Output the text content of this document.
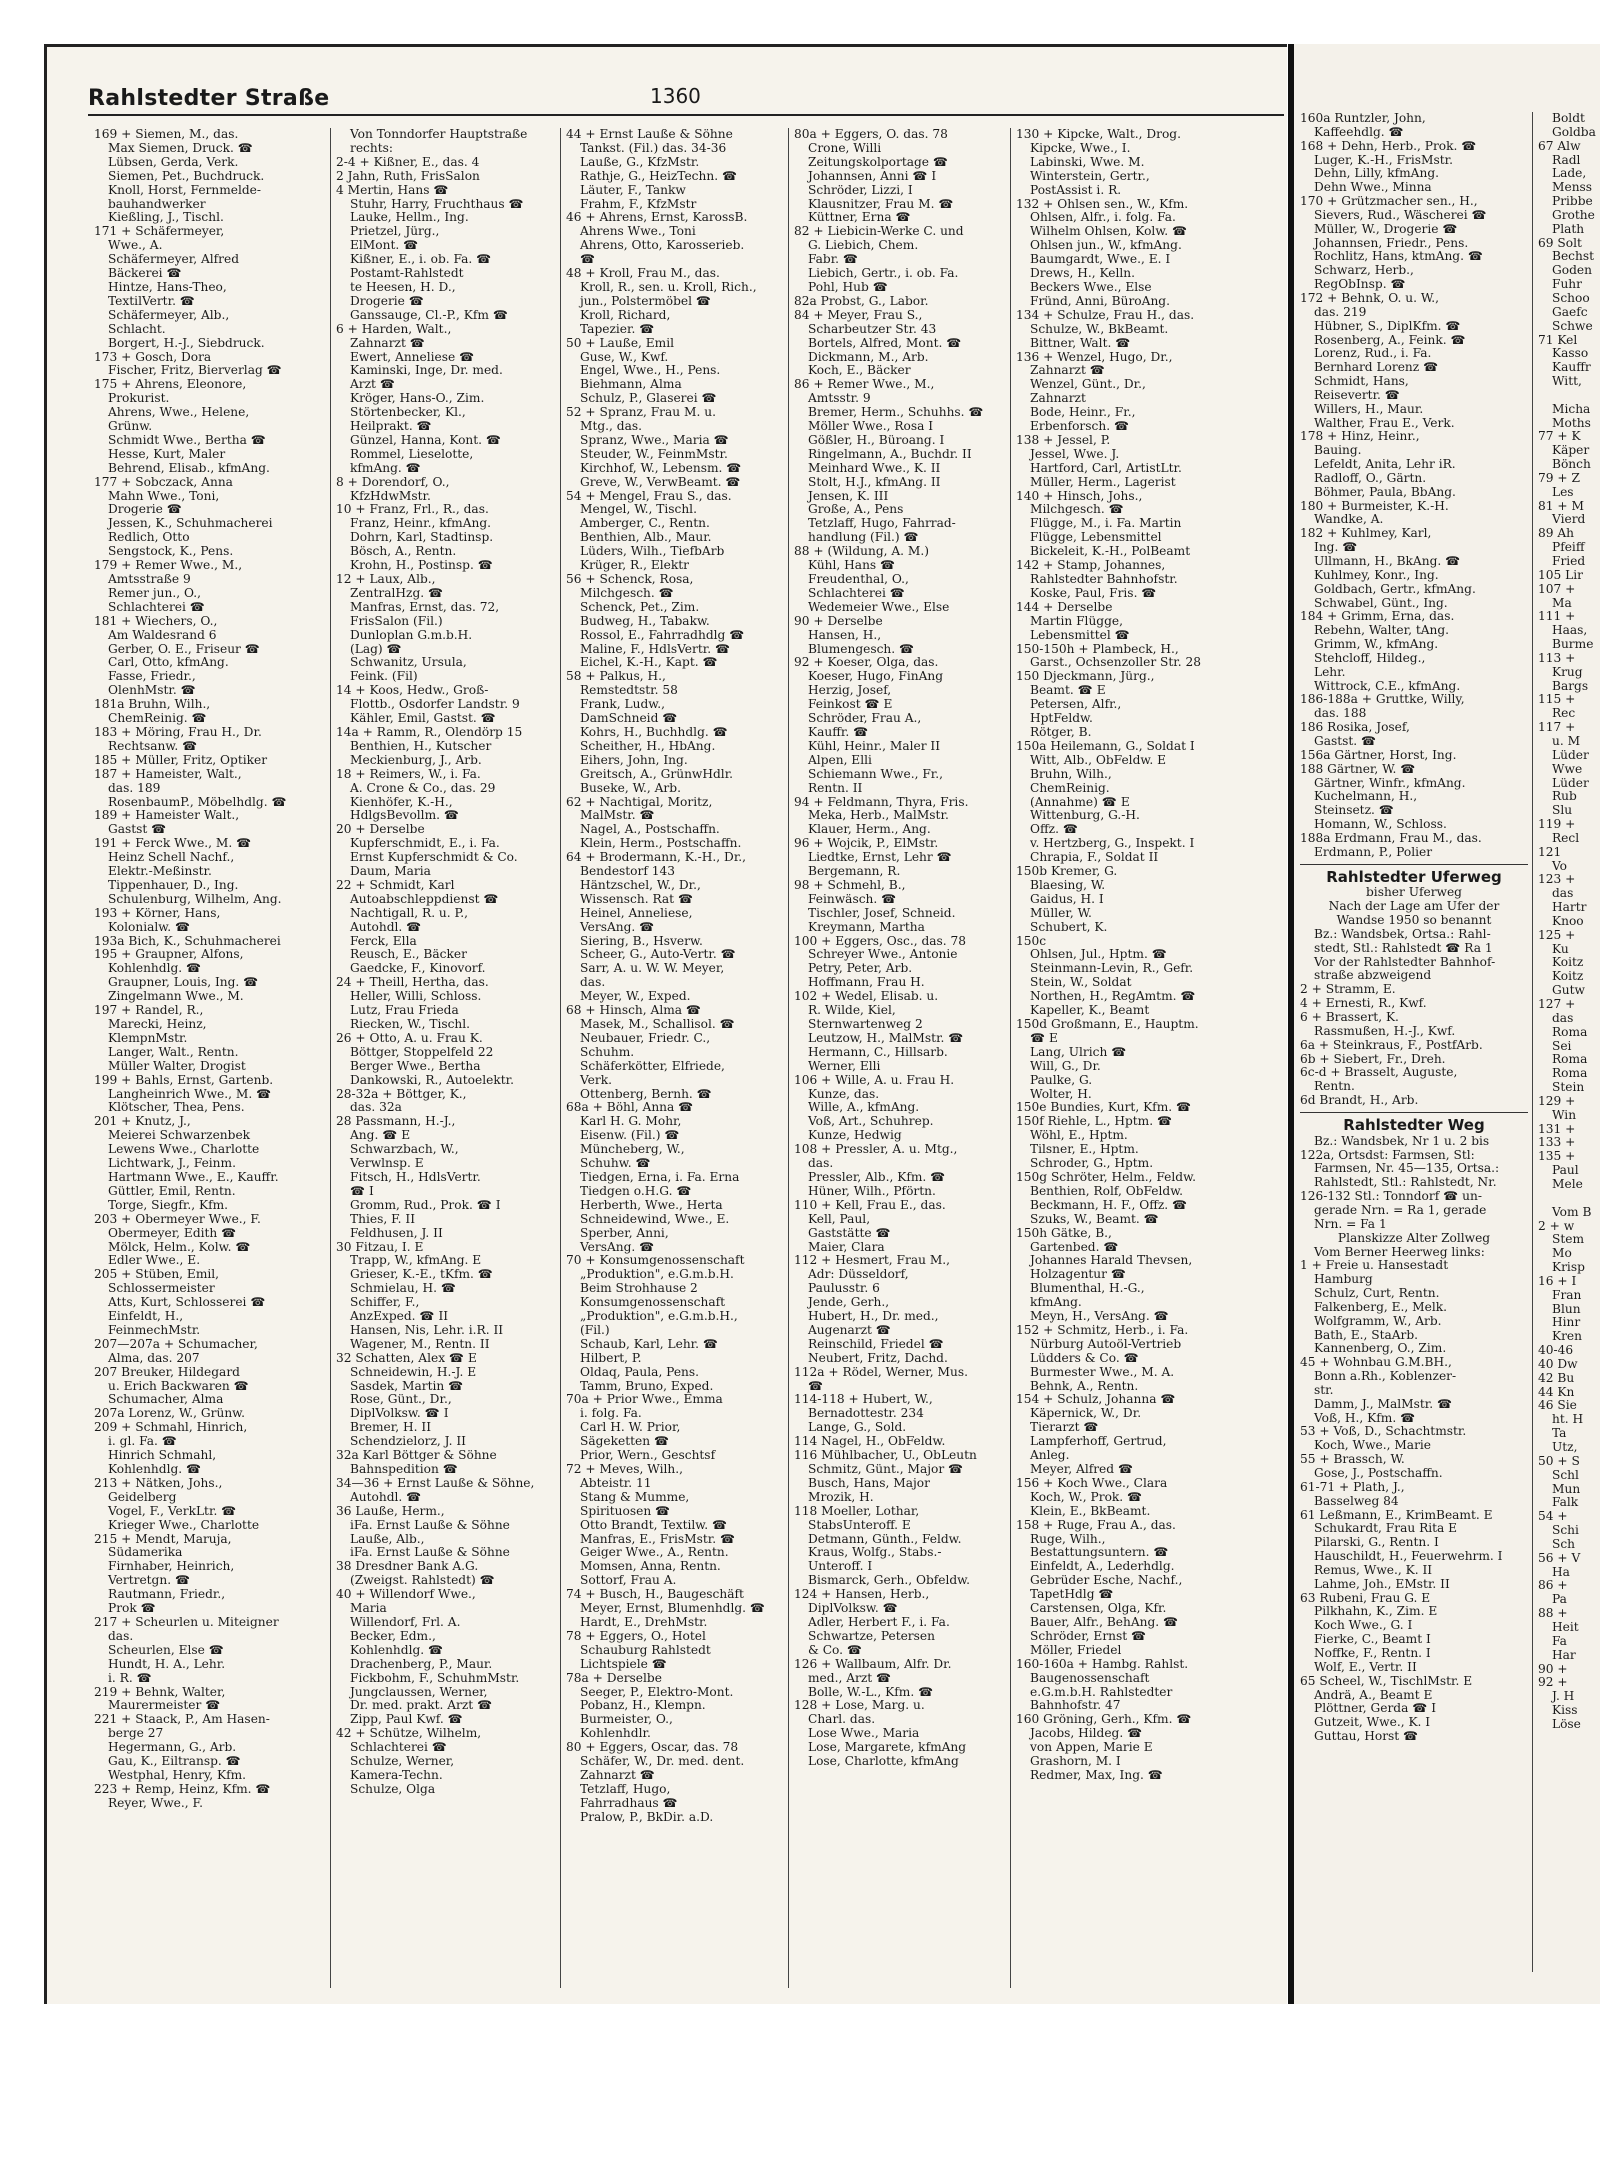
Rahlstedter Straße	1360
169 + Siemen, M., das.
Max Siemen, Druck. ☎
Lübsen, Gerda, Verk.
Siemen, Pet., Buchdruck.
Knoll, Horst, Fernmelde-
bauhandwerker
Kießling, J., Tischl.
171 + Schäfermeyer,
Wwe., A.
Schäfermeyer, Alfred
Bäckerei ☎
Hintze, Hans-Theo,
TextilVertr. ☎
Schäfermeyer, Alb.,
Schlacht.
Borgert, H.-J., Siebdruck.
173 + Gosch, Dora
Fischer, Fritz, Bierverlag ☎
175 + Ahrens, Eleonore,
Prokurist.
Ahrens, Wwe., Helene,
Grünw.
Schmidt Wwe., Bertha ☎
Hesse, Kurt, Maler
Behrend, Elisab., kfmAng.
177 + Sobczack, Anna
Mahn Wwe., Toni,
Drogerie ☎
Jessen, K., Schuhmacherei
Redlich, Otto
Sengstock, K., Pens.
179 + Remer Wwe., M.,
Amtsstraße 9
Remer jun., O.,
Schlachterei ☎
181 + Wiechers, O.,
Am Waldesrand 6
Gerber, O. E., Friseur ☎
Carl, Otto, kfmAng.
Fasse, Friedr.,
OlenhMstr. ☎
181a Bruhn, Wilh.,
ChemReinig. ☎
183 + Möring, Frau H., Dr.
Rechtsanw. ☎
185 + Müller, Fritz, Optiker
187 + Hameister, Walt.,
das. 189
RosenbaumP., Möbelhdlg. ☎
189 + Hameister Walt.,
Gastst ☎
191 + Ferck Wwe., M. ☎
Heinz Schell Nachf.,
Elektr.-Meßinstr.
Tippenhauer, D., Ing.
Schulenburg, Wilhelm, Ang.
193 + Körner, Hans,
Kolonialw. ☎
193a Bich, K., Schuhmacherei
195 + Graupner, Alfons,
Kohlenhdlg. ☎
Graupner, Louis, Ing. ☎
Zingelmann Wwe., M.
197 + Randel, R.,
Marecki, Heinz,
KlempnMstr.
Langer, Walt., Rentn.
Müller Walter, Drogist
199 + Bahls, Ernst, Gartenb.
Langheinrich Wwe., M. ☎
Klötscher, Thea, Pens.
201 + Knutz, J.,
Meierei Schwarzenbek
Lewens Wwe., Charlotte
Lichtwark, J., Feinm.
Hartmann Wwe., E., Kauffr.
Güttler, Emil, Rentn.
Torge, Siegfr., Kfm.
203 + Obermeyer Wwe., F.
Obermeyer, Edith ☎
Mölck, Helm., Kolw. ☎
Edler Wwe., E.
205 + Stüben, Emil,
Schlossermeister
Atts, Kurt, Schlosserei ☎
Einfeldt, H.,
FeinmechMstr.
207—207a + Schumacher,
Alma, das. 207
207 Breuker, Hildegard
u. Erich Backwaren ☎
Schumacher, Alma
207a Lorenz, W., Grünw.
209 + Schmahl, Hinrich,
i. gl. Fa. ☎
Hinrich Schmahl,
Kohlenhdlg. ☎
213 + Nätken, Johs.,
Geidelberg
Vogel, F., VerkLtr. ☎
Krieger Wwe., Charlotte
215 + Mendt, Maruja,
Südamerika
Firnhaber, Heinrich,
Vertretgn. ☎
Rautmann, Friedr.,
Prok ☎
217 + Scheurlen u. Miteigner
das.
Scheurlen, Else ☎
Hundt, H. A., Lehr.
i. R. ☎
219 + Behnk, Walter,
Maurermeister ☎
221 + Staack, P., Am Hasen-
berge 27
Hegermann, G., Arb.
Gau, K., Eiltransp. ☎
Westphal, Henry, Kfm.
223 + Remp, Heinz, Kfm. ☎
Reyer, Wwe., F.
Von Tonndorfer Hauptstraße
rechts:
2-4 + Kißner, E., das. 4
2 Jahn, Ruth, FrisSalon
4 Mertin, Hans ☎
Stuhr, Harry, Fruchthaus ☎
Lauke, Hellm., Ing.
Prietzel, Jürg.,
ElMont. ☎
Kißner, E., i. ob. Fa. ☎
Postamt-Rahlstedt
te Heesen, H. D.,
Drogerie ☎
Ganssauge, Cl.-P., Kfm ☎
6 + Harden, Walt.,
Zahnarzt ☎
Ewert, Anneliese ☎
Kaminski, Inge, Dr. med.
Arzt ☎
Kröger, Hans-O., Zim.
Störtenbecker, Kl.,
Heilprakt. ☎
Günzel, Hanna, Kont. ☎
Rommel, Lieselotte,
kfmAng. ☎
8 + Dorendorf, O.,
KfzHdwMstr.
10 + Franz, Frl., R., das.
Franz, Heinr., kfmAng.
Dohrn, Karl, Stadtinsp.
Bösch, A., Rentn.
Krohn, H., Postinsp. ☎
12 + Laux, Alb.,
ZentralHzg. ☎
Manfras, Ernst, das. 72,
FrisSalon (Fil.)
Dunloplan G.m.b.H.
(Lag) ☎
Schwanitz, Ursula,
Feink. (Fil)
14 + Koos, Hedw., Groß-
Flottb., Osdorfer Landstr. 9
Kähler, Emil, Gastst. ☎
14a + Ramm, R., Olendörp 15
Benthien, H., Kutscher
Meckienburg, J., Arb.
18 + Reimers, W., i. Fa.
A. Crone & Co., das. 29
Kienhöfer, K.-H.,
HdlgsBevollm. ☎
20 + Derselbe
Kupferschmidt, E., i. Fa.
Ernst Kupferschmidt & Co.
Daum, Maria
22 + Schmidt, Karl
Autoabschleppdienst ☎
Nachtigall, R. u. P.,
Autohdl. ☎
Ferck, Ella
Reusch, E., Bäcker
Gaedcke, F., Kinovorf.
24 + Theill, Hertha, das.
Heller, Willi, Schloss.
Lutz, Frau Frieda
Riecken, W., Tischl.
26 + Otto, A. u. Frau K.
Böttger, Stoppelfeld 22
Berger Wwe., Bertha
Dankowski, R., Autoelektr.
28-32a + Böttger, K.,
das. 32a
28 Passmann, H.-J.,
Ang. ☎ E
Schwarzbach, W.,
Verwlnsp. E
Fitsch, H., HdlsVertr.
☎ I
Gromm, Rud., Prok. ☎ I
Thies, F. II
Feldhusen, J. II
30 Fitzau, I. E
Trapp, W., kfmAng. E
Grieser, K.-E., tKfm. ☎
Schmielau, H. ☎
Schiffer, F.,
AnzExped. ☎ II
Hansen, Nis, Lehr. i.R. II
Wagener, M., Rentn. II
32 Schatten, Alex ☎ E
Schneidewin, H.-J. E
Sasdek, Martin ☎
Rose, Günt., Dr.,
DiplVolksw. ☎ I
Bremer, H. II
Schendzielorz, J. II
32a Karl Böttger & Söhne
Bahnspedition ☎
34—36 + Ernst Lauße & Söhne,
Autohdl. ☎
36 Lauße, Herm.,
iFa. Ernst Lauße & Söhne
Lauße, Alb.,
iFa. Ernst Lauße & Söhne
38 Dresdner Bank A.G.
(Zweigst. Rahlstedt) ☎
40 + Willendorf Wwe.,
Maria
Willendorf, Frl. A.
Becker, Edm.,
Kohlenhdlg. ☎
Drachenberg, P., Maur.
Fickbohm, F., SchuhmMstr.
Jungclaussen, Werner,
Dr. med. prakt. Arzt ☎
Zipp, Paul Kwf. ☎
42 + Schütze, Wilhelm,
Schlachterei ☎
Schulze, Werner,
Kamera-Techn.
Schulze, Olga
44 + Ernst Lauße & Söhne
Tankst. (Fil.) das. 34-36
Lauße, G., KfzMstr.
Rathje, G., HeizTechn. ☎
Läuter, F., Tankw
Frahm, F., KfzMstr
46 + Ahrens, Ernst, KarossB.
Ahrens Wwe., Toni
Ahrens, Otto, Karosserieb.
☎
48 + Kroll, Frau M., das.
Kroll, R., sen. u. Kroll, Rich.,
jun., Polstermöbel ☎
Kroll, Richard,
Tapezier. ☎
50 + Lauße, Emil
Guse, W., Kwf.
Engel, Wwe., H., Pens.
Biehmann, Alma
Schulz, P., Glaserei ☎
52 + Spranz, Frau M. u.
Mtg., das.
Spranz, Wwe., Maria ☎
Steuder, W., FeinmMstr.
Kirchhof, W., Lebensm. ☎
Greve, W., VerwBeamt. ☎
54 + Mengel, Frau S., das.
Mengel, W., Tischl.
Amberger, C., Rentn.
Benthien, Alb., Maur.
Lüders, Wilh., TiefbArb
Krüger, R., Elektr
56 + Schenck, Rosa,
Milchgesch. ☎
Schenck, Pet., Zim.
Budweg, H., Tabakw.
Rossol, E., Fahrradhdlg ☎
Maline, F., HdlsVertr. ☎
Eichel, K.-H., Kapt. ☎
58 + Palkus, H.,
Remstedtstr. 58
Frank, Ludw.,
DamSchneid ☎
Kohrs, H., Buchhdlg. ☎
Scheither, H., HbAng.
Eihers, John, Ing.
Greitsch, A., GrünwHdlr.
Buseke, W., Arb.
62 + Nachtigal, Moritz,
MalMstr. ☎
Nagel, A., Postschaffn.
Klein, Herm., Postschaffn.
64 + Brodermann, K.-H., Dr.,
Bendestorf 143
Häntzschel, W., Dr.,
Wissensch. Rat ☎
Heinel, Anneliese,
VersAng. ☎
Siering, B., Hsverw.
Scheer, G., Auto-Vertr. ☎
Sarr, A. u. W. W. Meyer,
das.
Meyer, W., Exped.
68 + Hinsch, Alma ☎
Masek, M., Schallisol. ☎
Neubauer, Friedr. C.,
Schuhm.
Schäferkötter, Elfriede,
Verk.
Ottenberg, Bernh. ☎
68a + Böhl, Anna ☎
Karl H. G. Mohr,
Eisenw. (Fil.) ☎
Müncheberg, W.,
Schuhw. ☎
Tiedgen, Erna, i. Fa. Erna
Tiedgen o.H.G. ☎
Herberth, Wwe., Herta
Schneidewind, Wwe., E.
Sperber, Anni,
VersAng. ☎
70 + Konsumgenossenschaft
„Produktion", e.G.m.b.H.
Beim Strohhause 2
Konsumgenossenschaft
„Produktion", e.G.m.b.H.,
(Fil.)
Schaub, Karl, Lehr. ☎
Hilbert, P.
Oldaq, Paula, Pens.
Tamm, Bruno, Exped.
70a + Prior Wwe., Emma
i. folg. Fa.
Carl H. W. Prior,
Sägeketten ☎
Prior, Wern., Geschtsf
72 + Meves, Wilh.,
Abteistr. 11
Stang & Mumme,
Spirituosen ☎
Otto Brandt, Textilw. ☎
Manfras, E., FrisMstr. ☎
Geiger Wwe., A., Rentn.
Momsen, Anna, Rentn.
Sottorf, Frau A.
74 + Busch, H., Baugeschäft
Meyer, Ernst, Blumenhdlg. ☎
Hardt, E., DrehMstr.
78 + Eggers, O., Hotel
Schauburg Rahlstedt
Lichtspiele ☎
78a + Derselbe
Seeger, P., Elektro-Mont.
Pobanz, H., Klempn.
Burmeister, O.,
Kohlenhdlr.
80 + Eggers, Oscar, das. 78
Schäfer, W., Dr. med. dent.
Zahnarzt ☎
Tetzlaff, Hugo,
Fahrradhaus ☎
Pralow, P., BkDir. a.D.
80a + Eggers, O. das. 78
Crone, Willi
Zeitungskolportage ☎
Johannsen, Anni ☎ I
Schröder, Lizzi, I
Klausnitzer, Frau M. ☎
Küttner, Erna ☎
82 + Liebicin-Werke C. und
G. Liebich, Chem.
Fabr. ☎
Liebich, Gertr., i. ob. Fa.
Pohl, Hub ☎
82a Probst, G., Labor.
84 + Meyer, Frau S.,
Scharbeutzer Str. 43
Bortels, Alfred, Mont. ☎
Dickmann, M., Arb.
Koch, E., Bäcker
86 + Remer Wwe., M.,
Amtsstr. 9
Bremer, Herm., Schuhhs. ☎
Möller Wwe., Rosa I
Gößler, H., Büroang. I
Ringelmann, A., Buchdr. II
Meinhard Wwe., K. II
Stolt, H.J., kfmAng. II
Jensen, K. III
Große, A., Pens
Tetzlaff, Hugo, Fahrrad-
handlung (Fil.) ☎
88 + (Wildung, A. M.)
Kühl, Hans ☎
Freudenthal, O.,
Schlachterei ☎
Wedemeier Wwe., Else
90 + Derselbe
Hansen, H.,
Blumengesch. ☎
92 + Koeser, Olga, das.
Koeser, Hugo, FinAng
Herzig, Josef,
Feinkost ☎ E
Schröder, Frau A.,
Kauffr. ☎
Kühl, Heinr., Maler II
Alpen, Elli
Schiemann Wwe., Fr.,
Rentn. II
94 + Feldmann, Thyra, Fris.
Meka, Herb., MalMstr.
Klauer, Herm., Ang.
96 + Wojcik, P., ElMstr.
Liedtke, Ernst, Lehr ☎
Bergemann, R.
98 + Schmehl, B.,
Feinwäsch. ☎
Tischler, Josef, Schneid.
Kreymann, Martha
100 + Eggers, Osc., das. 78
Schreyer Wwe., Antonie
Petry, Peter, Arb.
Hoffmann, Frau H.
102 + Wedel, Elisab. u.
R. Wilde, Kiel,
Sternwartenweg 2
Leutzow, H., MalMstr. ☎
Hermann, C., Hillsarb.
Werner, Elli
106 + Wille, A. u. Frau H.
Kunze, das.
Wille, A., kfmAng.
Voß, Art., Schuhrep.
Kunze, Hedwig
108 + Pressler, A. u. Mtg.,
das.
Pressler, Alb., Kfm. ☎
Hüner, Wilh., Pförtn.
110 + Kell, Frau E., das.
Kell, Paul,
Gaststätte ☎
Maier, Clara
112 + Hesmert, Frau M.,
Adr: Düsseldorf,
Paulusstr. 6
Jende, Gerh.,
Hubert, H., Dr. med.,
Augenarzt ☎
Reinschild, Friedel ☎
Neubert, Fritz, Dachd.
112a + Rödel, Werner, Mus.
☎
114-118 + Hubert, W.,
Bernadottestr. 234
Lange, G., Sold.
114 Nagel, H., ObFeldw.
116 Mühlbacher, U., ObLeutn
Schmitz, Günt., Major ☎
Busch, Hans, Major
Mrozik, H.
118 Moeller, Lothar,
StabsUnteroff. E
Detmann, Günth., Feldw.
Kraus, Wolfg., Stabs.-
Unteroff. I
Bismarck, Gerh., Obfeldw.
124 + Hansen, Herb.,
DiplVolksw. ☎
Adler, Herbert F., i. Fa.
Schwartze, Petersen
& Co. ☎
126 + Wallbaum, Alfr. Dr.
med., Arzt ☎
Bolle, W.-L., Kfm. ☎
128 + Lose, Marg. u.
Charl. das.
Lose Wwe., Maria
Lose, Margarete, kfmAng
Lose, Charlotte, kfmAng
130 + Kipcke, Walt., Drog.
Kipcke, Wwe., I.
Labinski, Wwe. M.
Winterstein, Gertr.,
PostAssist i. R.
132 + Ohlsen sen., W., Kfm.
Ohlsen, Alfr., i. folg. Fa.
Wilhelm Ohlsen, Kolw. ☎
Ohlsen jun., W., kfmAng.
Baumgardt, Wwe., E. I
Drews, H., Kelln.
Beckers Wwe., Else
Fründ, Anni, BüroAng.
134 + Schulze, Frau H., das.
Schulze, W., BkBeamt.
Bittner, Walt. ☎
136 + Wenzel, Hugo, Dr.,
Zahnarzt ☎
Wenzel, Günt., Dr.,
Zahnarzt
Bode, Heinr., Fr.,
Erbenforsch. ☎
138 + Jessel, P.
Jessel, Wwe. J.
Hartford, Carl, ArtistLtr.
Müller, Herm., Lagerist
140 + Hinsch, Johs.,
Milchgesch. ☎
Flügge, M., i. Fa. Martin
Flügge, Lebensmittel
Bickeleit, K.-H., PolBeamt
142 + Stamp, Johannes,
Rahlstedter Bahnhofstr.
Koske, Paul, Fris. ☎
144 + Derselbe
Martin Flügge,
Lebensmittel ☎
150-150h + Plambeck, H.,
Garst., Ochsenzoller Str. 28
150 Djeckmann, Jürg.,
Beamt. ☎ E
Petersen, Alfr.,
HptFeldw.
Rötger, B.
150a Heilemann, G., Soldat I
Witt, Alb., ObFeldw. E
Bruhn, Wilh.,
ChemReinig.
(Annahme) ☎ E
Wittenburg, G.-H.
Offz. ☎
v. Hertzberg, G., Inspekt. I
Chrapia, F., Soldat II
150b Kremer, G.
Blaesing, W.
Gaidus, H. I
Müller, W.
Schubert, K.
150c
Ohlsen, Jul., Hptm. ☎
Steinmann-Levin, R., Gefr.
Stein, W., Soldat
Northen, H., RegAmtm. ☎
Kapeller, K., Beamt
150d Großmann, E., Hauptm.
☎ E
Lang, Ulrich ☎
Will, G., Dr.
Paulke, G.
Wolter, H.
150e Bundies, Kurt, Kfm. ☎
150f Riehle, L., Hptm. ☎
Wöhl, E., Hptm.
Tilsner, E., Hptm.
Schroder, G., Hptm.
150g Schröter, Helm., Feldw.
Benthien, Rolf, ObFeldw.
Beckmann, H. F., Offz. ☎
Szuks, W., Beamt. ☎
150h Gätke, B.,
Gartenbed. ☎
Johannes Harald Thevsen,
Holzagentur ☎
Blumenthal, H.-G.,
kfmAng.
Meyn, H., VersAng. ☎
152 + Schmitz, Herb., i. Fa.
Nürburg Autoöl-Vertrieb
Lüdders & Co. ☎
Burmester Wwe., M. A.
Behnk, A., Rentn.
154 + Schulz, Johanna ☎
Käpernick, W., Dr.
Tierarzt ☎
Lampferhoff, Gertrud,
Anleg.
Meyer, Alfred ☎
156 + Koch Wwe., Clara
Koch, W., Prok. ☎
Klein, E., BkBeamt.
158 + Ruge, Frau A., das.
Ruge, Wilh.,
Bestattungsuntern. ☎
Einfeldt, A., Lederhdlg.
Gebrüder Esche, Nachf.,
TapetHdlg ☎
Carstensen, Olga, Kfr.
Bauer, Alfr., BehAng. ☎
Schröder, Ernst ☎
Möller, Friedel
160-160a + Hambg. Rahlst.
Baugenossenschaft
e.G.m.b.H. Rahlstedter
Bahnhofstr. 47
160 Gröning, Gerh., Kfm. ☎
Jacobs, Hildeg. ☎
von Appen, Marie E
Grashorn, M. I
Redmer, Max, Ing. ☎
160a Runtzler, John,
Kaffeehdlg. ☎
168 + Dehn, Herb., Prok. ☎
Luger, K.-H., FrisMstr.
Dehn, Lilly, kfmAng.
Dehn Wwe., Minna
170 + Grützmacher sen., H.,
Sievers, Rud., Wäscherei ☎
Müller, W., Drogerie ☎
Johannsen, Friedr., Pens.
Rochlitz, Hans, ktmAng. ☎
Schwarz, Herb.,
RegObInsp. ☎
172 + Behnk, O. u. W.,
das. 219
Hübner, S., DiplKfm. ☎
Rosenberg, A., Feink. ☎
Lorenz, Rud., i. Fa.
Bernhard Lorenz ☎
Schmidt, Hans,
Reisevertr. ☎
Willers, H., Maur.
Walther, Frau E., Verk.
178 + Hinz, Heinr.,
Bauing.
Lefeldt, Anita, Lehr iR.
Radloff, O., Gärtn.
Böhmer, Paula, BbAng.
180 + Burmeister, K.-H.
Wandke, A.
182 + Kuhlmey, Karl,
Ing. ☎
Ullmann, H., BkAng. ☎
Kuhlmey, Konr., Ing.
Goldbach, Gertr., kfmAng.
Schwabel, Günt., Ing.
184 + Grimm, Erna, das.
Rebehn, Walter, tAng.
Grimm, W., kfmAng.
Stehcloff, Hildeg.,
Lehr.
Wittrock, C.E., kfmAng.
186-188a + Gruttke, Willy,
das. 188
186 Rosika, Josef,
Gastst. ☎
156a Gärtner, Horst, Ing.
188 Gärtner, W. ☎
Gärtner, Winfr., kfmAng.
Kuchelmann, H.,
Steinsetz. ☎
Homann, W., Schloss.
188a Erdmann, Frau M., das.
Erdmann, P., Polier
Rahlstedter Uferweg
bisher Uferweg
Nach der Lage am Ufer der
Wandse 1950 so benannt
Bz.: Wandsbek, Ortsa.: Rahl-
stedt, Stl.: Rahlstedt ☎ Ra 1
Vor der Rahlstedter Bahnhof-
straße abzweigend
2 + Stramm, E.
4 + Ernesti, R., Kwf.
6 + Brassert, K.
Rassmußen, H.-J., Kwf.
6a + Steinkraus, F., PostfArb.
6b + Siebert, Fr., Dreh.
6c-d + Brasselt, Auguste,
Rentn.
6d Brandt, H., Arb.
Rahlstedter Weg
Bz.: Wandsbek, Nr 1 u. 2 bis
122a, Ortsdst: Farmsen, Stl:
Farmsen, Nr. 45—135, Ortsa.:
Rahlstedt, Stl.: Rahlstedt, Nr.
126-132 Stl.: Tonndorf ☎ un-
gerade Nrn. = Ra 1, gerade
Nrn. = Fa 1
Planskizze Alter Zollweg
Vom Berner Heerweg links:
1 + Freie u. Hansestadt
Hamburg
Schulz, Curt, Rentn.
Falkenberg, E., Melk.
Wolfgramm, W., Arb.
Bath, E., StaArb.
Kannenberg, O., Zim.
45 + Wohnbau G.M.BH.,
Bonn a.Rh., Koblenzer-
str.
Damm, J., MalMstr. ☎
Voß, H., Kfm. ☎
53 + Voß, D., Schachtmstr.
Koch, Wwe., Marie
55 + Brassch, W.
Gose, J., Postschaffn.
61-71 + Plath, J.,
Basselweg 84
61 Leßmann, E., KrimBeamt. E
Schukardt, Frau Rita E
Pilarski, G., Rentn. I
Hauschildt, H., Feuerwehrm. I
Remus, Wwe., K. II
Lahme, Joh., EMstr. II
63 Rubeni, Frau G. E
Pilkhahn, K., Zim. E
Koch Wwe., G. I
Fierke, C., Beamt I
Noffke, F., Rentn. I
Wolf, E., Vertr. II
65 Scheel, W., TischlMstr. E
Andrä, A., Beamt E
Plöttner, Gerda ☎ I
Gutzeit, Wwe., K. I
Guttau, Horst ☎
Boldt
Goldba
67 Alw
Radl
Lade,
Menss
Pribbe
Grothe
Plath
69 Solt
Bechst
Goden
Fuhr
Schoo
Gaefc
Schwe
71 Kel
Kasso
Kauffr
Witt,

Micha
Moths
77 + K
Käper
Bönch
79 + Z
Les
81 + M
Vierd
89 Ah
Pfeiff
Fried
105 Lir
107 +
Ma
111 +
Haas,
Burme
113 +
Krug
Bargs
115 +
Rec
117 +
u. M
Lüder
Wwe
Lüder
Rub
Slu
119 +
Recl
121
Vo
123 +
das
Hartr
Knoo
125 +
Ku
Koitz
Koitz
Gutw
127 +
das
Roma
Sei
Roma
Roma
Stein
129 +
Win
131 +
133 +
135 +
Paul
Mele

Vom B
2 + w
Stem
Mo
Krisp
16 + I
Fran
Blun
Hinr
Kren
40-46
40 Dw
42 Bu
44 Kn
46 Sie
ht. H
Ta
Utz,
50 + S
Schl
Mun
Falk
54 +
Schi
Sch
56 + V
Ha
86 +
Pa
88 +
Heit
Fa
Har
90 +
92 +
J. H
Kiss
Löse
